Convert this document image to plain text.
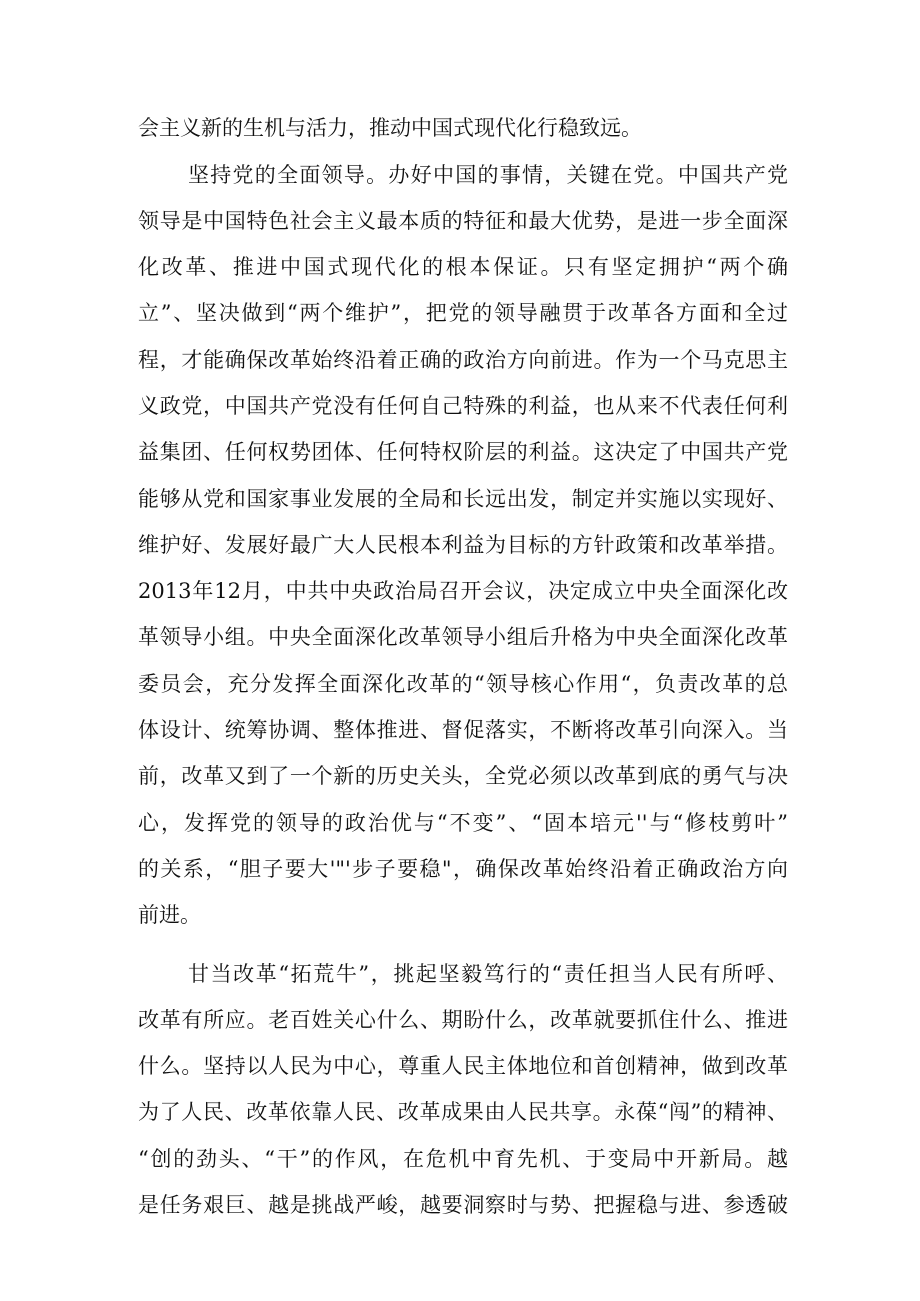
会主义新的生机与活力，推动中国式现代化行稳致远。
坚持党的全面领导。办好中国的事情，关键在党。中国共产党
领导是中国特色社会主义最本质的特征和最大优势，是进一步全面深
化改革、推进中国式现代化的根本保证。只有坚定拥护“两个确
立”、坚决做到“两个维护”，把党的领导融贯于改革各方面和全过
程，才能确保改革始终沿着正确的政治方向前进。作为一个马克思主
义政党，中国共产党没有任何自己特殊的利益，也从来不代表任何利
益集团、任何权势团体、任何特权阶层的利益。这决定了中国共产党
能够从党和国家事业发展的全局和长远出发，制定并实施以实现好、
维护好、发展好最广大人民根本利益为目标的方针政策和改革举措。
2013年12月，中共中央政治局召开会议，决定成立中央全面深化改
革领导小组。中央全面深化改革领导小组后升格为中央全面深化改革
委员会，充分发挥全面深化改革的“领导核心作用“，负责改革的总
体设计、统筹协调、整体推进、督促落实，不断将改革引向深入。当
前，改革又到了一个新的历史关头，全党必须以改革到底的勇气与决
心，发挥党的领导的政治优与“不变”、“固本培元''与“修枝剪叶”
的关系，“胆子要大'"'步子要稳"，确保改革始终沿着正确政治方向
前进。
甘当改革“拓荒牛”，挑起坚毅笃行的“责任担当人民有所呼、
改革有所应。老百姓关心什么、期盼什么，改革就要抓住什么、推进
什么。坚持以人民为中心，尊重人民主体地位和首创精神，做到改革
为了人民、改革依靠人民、改革成果由人民共享。永葆“闯”的精神、
“创的劲头、“干”的作风，在危机中育先机、于变局中开新局。越
是任务艰巨、越是挑战严峻，越要洞察时与势、把握稳与进、参透破
